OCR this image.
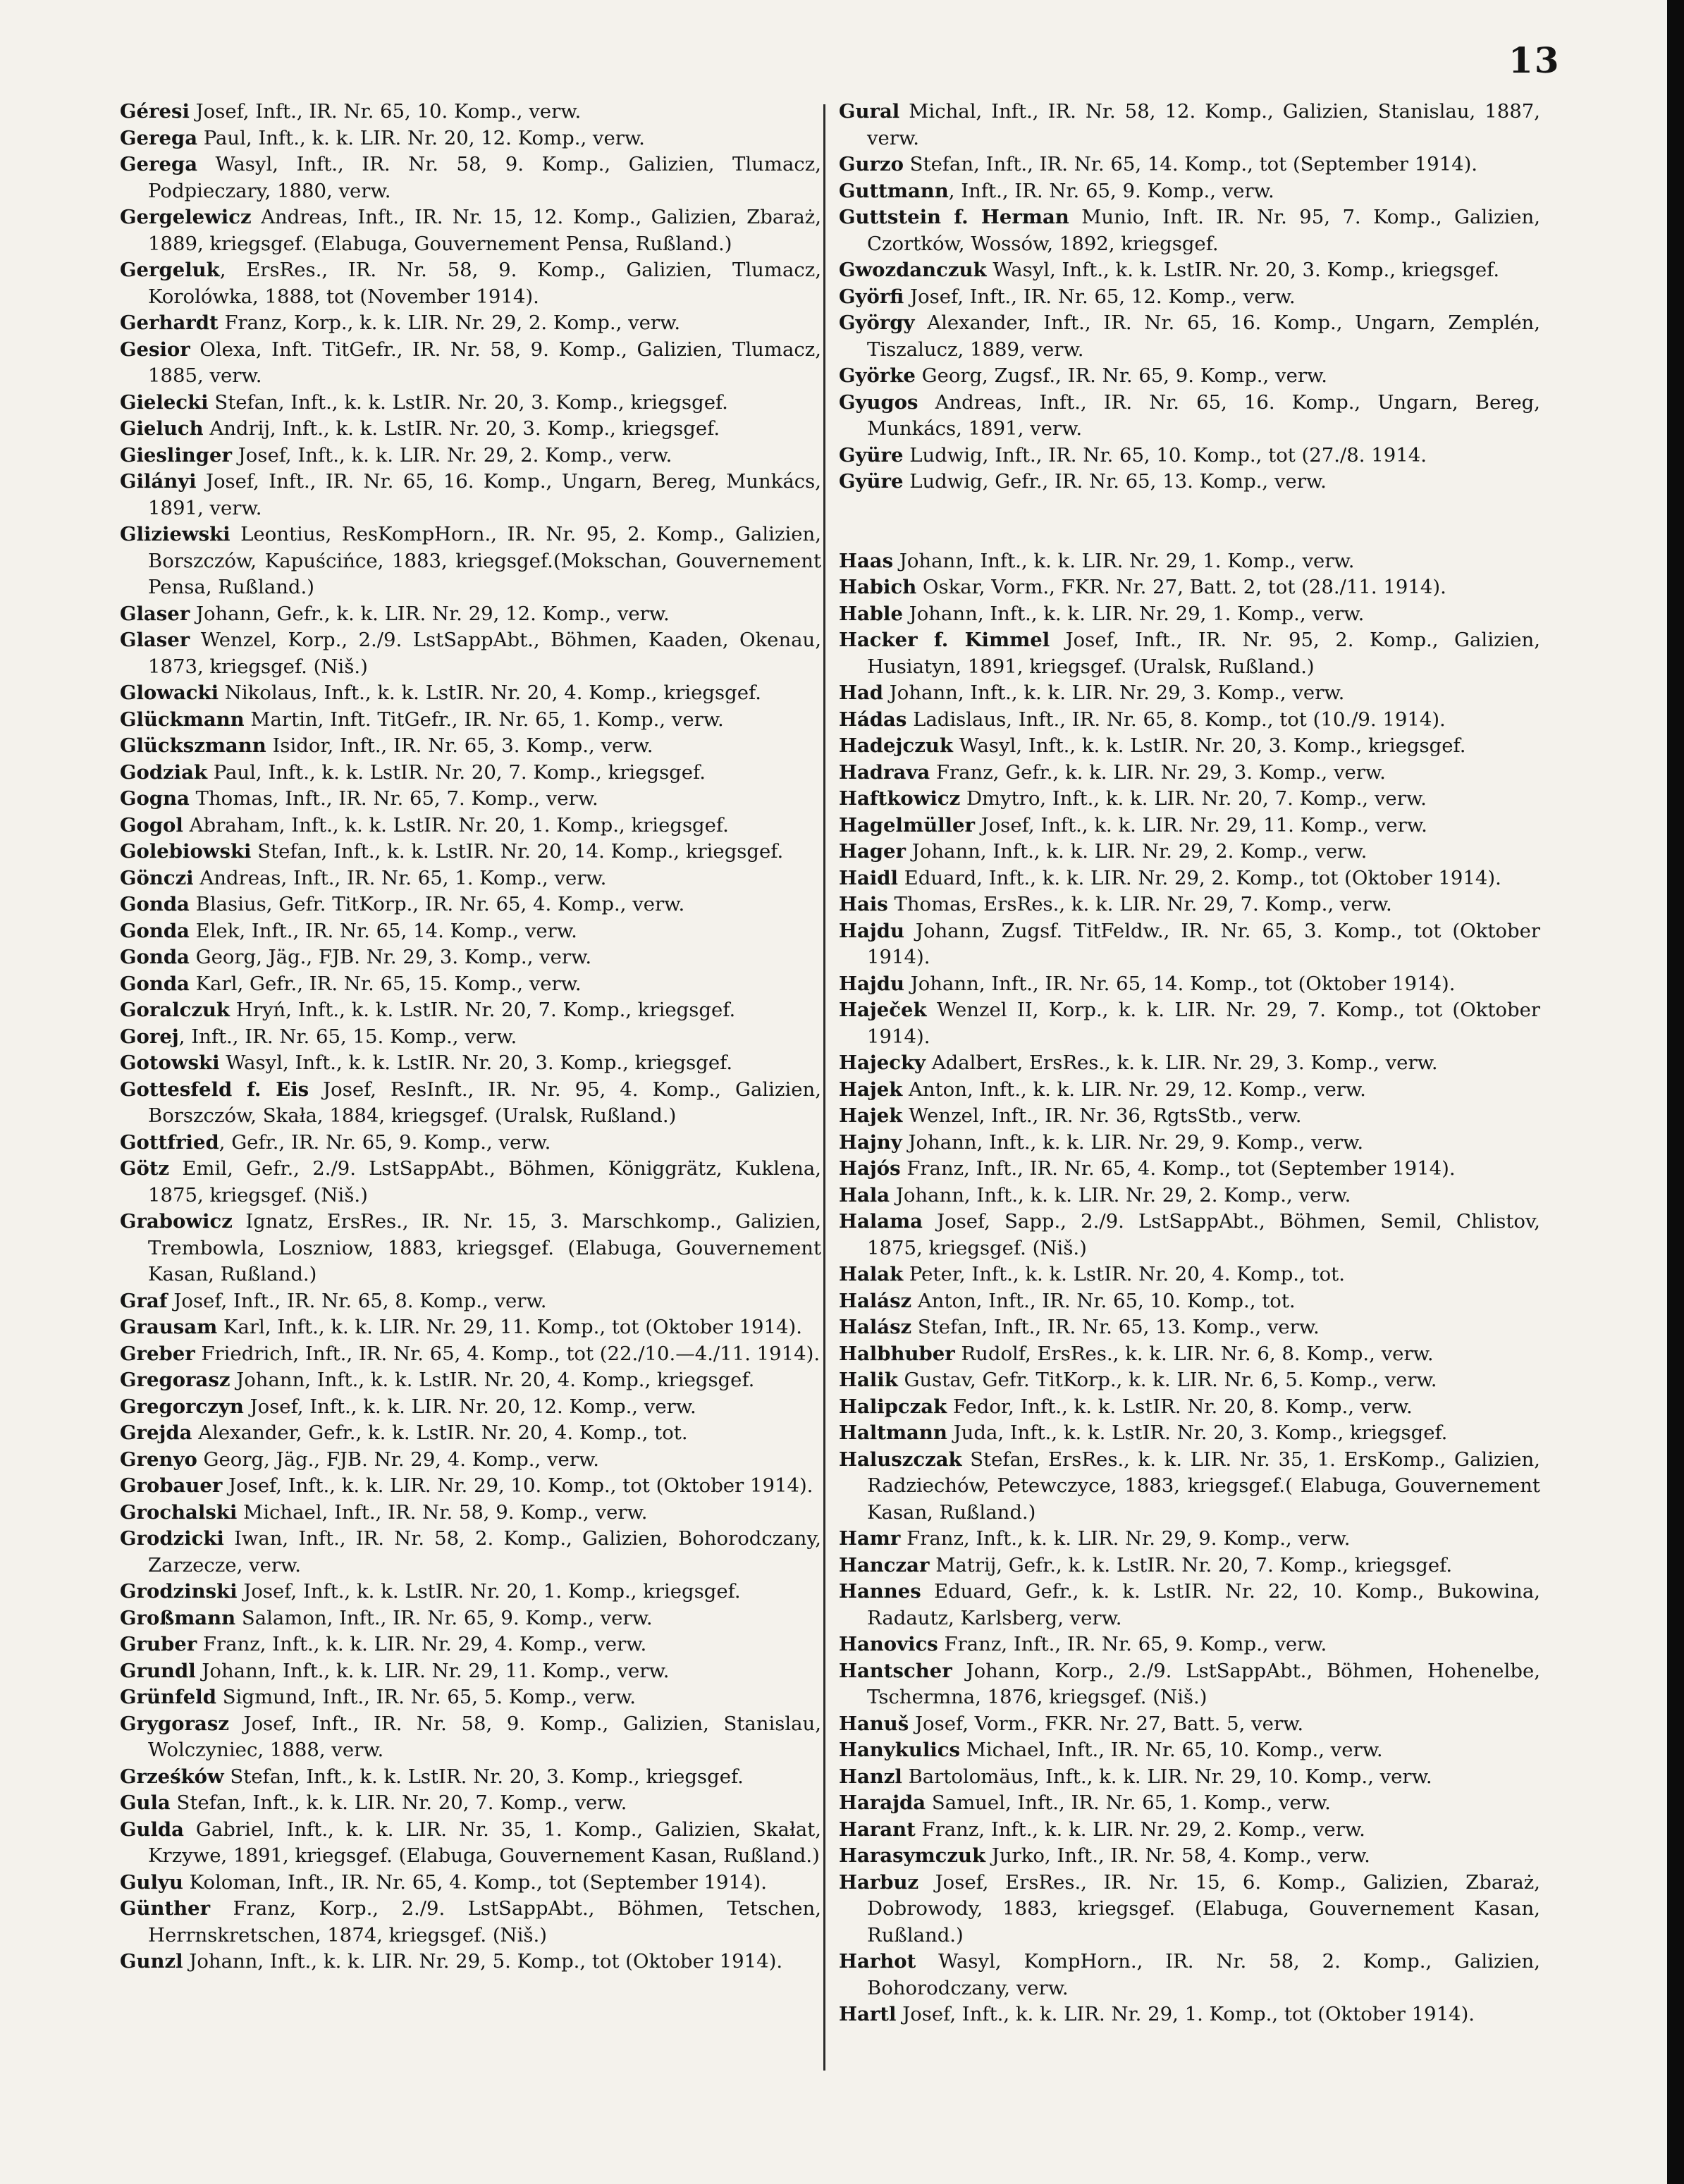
13
Géresi Josef, Inft., IR. Nr. 65, 10. Komp., verw.
Gerega Paul, Inft., k. k. LIR. Nr. 20, 12. Komp., verw.
Gerega Wasyl, Inft., IR. Nr. 58, 9. Komp., Galizien, Tlumacz, Podpieczary, 1880, verw.
Gergelewicz Andreas, Inft., IR. Nr. 15, 12. Komp., Galizien, Zbaraż, 1889, kriegsgef. (Elabuga, Gouvernement Pensa, Rußland.)
Gergeluk, ErsRes., IR. Nr. 58, 9. Komp., Galizien, Tlumacz, Korolówka, 1888, tot (November 1914).
Gerhardt Franz, Korp., k. k. LIR. Nr. 29, 2. Komp., verw.
Gesior Olexa, Inft. TitGefr., IR. Nr. 58, 9. Komp., Galizien, Tlumacz, 1885, verw.
Gielecki Stefan, Inft., k. k. LstIR. Nr. 20, 3. Komp., kriegsgef.
Gieluch Andrij, Inft., k. k. LstIR. Nr. 20, 3. Komp., kriegsgef.
Gieslinger Josef, Inft., k. k. LIR. Nr. 29, 2. Komp., verw.
Gilányi Josef, Inft., IR. Nr. 65, 16. Komp., Ungarn, Bereg, Munkács, 1891, verw.
Gliziewski Leontius, ResKompHorn., IR. Nr. 95, 2. Komp., Galizien, Borszczów, Kapuścińce, 1883, kriegsgef.(Mokschan, Gouvernement Pensa, Rußland.)
Glaser Johann, Gefr., k. k. LIR. Nr. 29, 12. Komp., verw.
Glaser Wenzel, Korp., 2./9. LstSappAbt., Böhmen, Kaaden, Okenau, 1873, kriegsgef. (Niš.)
Glowacki Nikolaus, Inft., k. k. LstIR. Nr. 20, 4. Komp., kriegsgef.
Glückmann Martin, Inft. TitGefr., IR. Nr. 65, 1. Komp., verw.
Glückszmann Isidor, Inft., IR. Nr. 65, 3. Komp., verw.
Godziak Paul, Inft., k. k. LstIR. Nr. 20, 7. Komp., kriegsgef.
Gogna Thomas, Inft., IR. Nr. 65, 7. Komp., verw.
Gogol Abraham, Inft., k. k. LstIR. Nr. 20, 1. Komp., kriegsgef.
Golebiowski Stefan, Inft., k. k. LstIR. Nr. 20, 14. Komp., kriegsgef.
Gönczi Andreas, Inft., IR. Nr. 65, 1. Komp., verw.
Gonda Blasius, Gefr. TitKorp., IR. Nr. 65, 4. Komp., verw.
Gonda Elek, Inft., IR. Nr. 65, 14. Komp., verw.
Gonda Georg, Jäg., FJB. Nr. 29, 3. Komp., verw.
Gonda Karl, Gefr., IR. Nr. 65, 15. Komp., verw.
Goralczuk Hryń, Inft., k. k. LstIR. Nr. 20, 7. Komp., kriegsgef.
Gorej, Inft., IR. Nr. 65, 15. Komp., verw.
Gotowski Wasyl, Inft., k. k. LstIR. Nr. 20, 3. Komp., kriegsgef.
Gottesfeld f. Eis Josef, ResInft., IR. Nr. 95, 4. Komp., Galizien, Borszczów, Skała, 1884, kriegsgef. (Uralsk, Rußland.)
Gottfried, Gefr., IR. Nr. 65, 9. Komp., verw.
Götz Emil, Gefr., 2./9. LstSappAbt., Böhmen, Königgrätz, Kuklena, 1875, kriegsgef. (Niš.)
Grabowicz Ignatz, ErsRes., IR. Nr. 15, 3. Marschkomp., Galizien, Trembowla, Loszniow, 1883, kriegsgef. (Elabuga, Gouvernement Kasan, Rußland.)
Graf Josef, Inft., IR. Nr. 65, 8. Komp., verw.
Grausam Karl, Inft., k. k. LIR. Nr. 29, 11. Komp., tot (Oktober 1914).
Greber Friedrich, Inft., IR. Nr. 65, 4. Komp., tot (22./10.—4./11. 1914).
Gregorasz Johann, Inft., k. k. LstIR. Nr. 20, 4. Komp., kriegsgef.
Gregorczyn Josef, Inft., k. k. LIR. Nr. 20, 12. Komp., verw.
Grejda Alexander, Gefr., k. k. LstIR. Nr. 20, 4. Komp., tot.
Grenyo Georg, Jäg., FJB. Nr. 29, 4. Komp., verw.
Grobauer Josef, Inft., k. k. LIR. Nr. 29, 10. Komp., tot (Oktober 1914).
Grochalski Michael, Inft., IR. Nr. 58, 9. Komp., verw.
Grodzicki Iwan, Inft., IR. Nr. 58, 2. Komp., Galizien, Bohorodczany, Zarzecze, verw.
Grodzinski Josef, Inft., k. k. LstIR. Nr. 20, 1. Komp., kriegsgef.
Großmann Salamon, Inft., IR. Nr. 65, 9. Komp., verw.
Gruber Franz, Inft., k. k. LIR. Nr. 29, 4. Komp., verw.
Grundl Johann, Inft., k. k. LIR. Nr. 29, 11. Komp., verw.
Grünfeld Sigmund, Inft., IR. Nr. 65, 5. Komp., verw.
Grygorasz Josef, Inft., IR. Nr. 58, 9. Komp., Galizien, Stanislau, Wolczyniec, 1888, verw.
Grześków Stefan, Inft., k. k. LstIR. Nr. 20, 3. Komp., kriegsgef.
Gula Stefan, Inft., k. k. LIR. Nr. 20, 7. Komp., verw.
Gulda Gabriel, Inft., k. k. LIR. Nr. 35, 1. Komp., Galizien, Skałat, Krzywe, 1891, kriegsgef. (Elabuga, Gouvernement Kasan, Rußland.)
Gulyu Koloman, Inft., IR. Nr. 65, 4. Komp., tot (September 1914).
Günther Franz, Korp., 2./9. LstSappAbt., Böhmen, Tetschen, Herrnskretschen, 1874, kriegsgef. (Niš.)
Gunzl Johann, Inft., k. k. LIR. Nr. 29, 5. Komp., tot (Oktober 1914).
Gural Michal, Inft., IR. Nr. 58, 12. Komp., Galizien, Stanislau, 1887, verw.
Gurzo Stefan, Inft., IR. Nr. 65, 14. Komp., tot (September 1914).
Guttmann, Inft., IR. Nr. 65, 9. Komp., verw.
Guttstein f. Herman Munio, Inft. IR. Nr. 95, 7. Komp., Galizien, Czortków, Wossów, 1892, kriegsgef.
Gwozdanczuk Wasyl, Inft., k. k. LstIR. Nr. 20, 3. Komp., kriegsgef.
Györfi Josef, Inft., IR. Nr. 65, 12. Komp., verw.
György Alexander, Inft., IR. Nr. 65, 16. Komp., Ungarn, Zemplén, Tiszalucz, 1889, verw.
Györke Georg, Zugsf., IR. Nr. 65, 9. Komp., verw.
Gyugos Andreas, Inft., IR. Nr. 65, 16. Komp., Ungarn, Bereg, Munkács, 1891, verw.
Gyüre Ludwig, Inft., IR. Nr. 65, 10. Komp., tot (27./8. 1914.
Gyüre Ludwig, Gefr., IR. Nr. 65, 13. Komp., verw.
Haas Johann, Inft., k. k. LIR. Nr. 29, 1. Komp., verw.
Habich Oskar, Vorm., FKR. Nr. 27, Batt. 2, tot (28./11. 1914).
Hable Johann, Inft., k. k. LIR. Nr. 29, 1. Komp., verw.
Hacker f. Kimmel Josef, Inft., IR. Nr. 95, 2. Komp., Galizien, Husiatyn, 1891, kriegsgef. (Uralsk, Rußland.)
Had Johann, Inft., k. k. LIR. Nr. 29, 3. Komp., verw.
Hádas Ladislaus, Inft., IR. Nr. 65, 8. Komp., tot (10./9. 1914).
Hadejczuk Wasyl, Inft., k. k. LstIR. Nr. 20, 3. Komp., kriegsgef.
Hadrava Franz, Gefr., k. k. LIR. Nr. 29, 3. Komp., verw.
Haftkowicz Dmytro, Inft., k. k. LIR. Nr. 20, 7. Komp., verw.
Hagelmüller Josef, Inft., k. k. LIR. Nr. 29, 11. Komp., verw.
Hager Johann, Inft., k. k. LIR. Nr. 29, 2. Komp., verw.
Haidl Eduard, Inft., k. k. LIR. Nr. 29, 2. Komp., tot (Oktober 1914).
Hais Thomas, ErsRes., k. k. LIR. Nr. 29, 7. Komp., verw.
Hajdu Johann, Zugsf. TitFeldw., IR. Nr. 65, 3. Komp., tot (Oktober 1914).
Hajdu Johann, Inft., IR. Nr. 65, 14. Komp., tot (Oktober 1914).
Haječek Wenzel II, Korp., k. k. LIR. Nr. 29, 7. Komp., tot (Oktober 1914).
Hajecky Adalbert, ErsRes., k. k. LIR. Nr. 29, 3. Komp., verw.
Hajek Anton, Inft., k. k. LIR. Nr. 29, 12. Komp., verw.
Hajek Wenzel, Inft., IR. Nr. 36, RgtsStb., verw.
Hajny Johann, Inft., k. k. LIR. Nr. 29, 9. Komp., verw.
Hajós Franz, Inft., IR. Nr. 65, 4. Komp., tot (September 1914).
Hala Johann, Inft., k. k. LIR. Nr. 29, 2. Komp., verw.
Halama Josef, Sapp., 2./9. LstSappAbt., Böhmen, Semil, Chlistov, 1875, kriegsgef. (Niš.)
Halak Peter, Inft., k. k. LstIR. Nr. 20, 4. Komp., tot.
Halász Anton, Inft., IR. Nr. 65, 10. Komp., tot.
Halász Stefan, Inft., IR. Nr. 65, 13. Komp., verw.
Halbhuber Rudolf, ErsRes., k. k. LIR. Nr. 6, 8. Komp., verw.
Halik Gustav, Gefr. TitKorp., k. k. LIR. Nr. 6, 5. Komp., verw.
Halipczak Fedor, Inft., k. k. LstIR. Nr. 20, 8. Komp., verw.
Haltmann Juda, Inft., k. k. LstIR. Nr. 20, 3. Komp., kriegsgef.
Haluszczak Stefan, ErsRes., k. k. LIR. Nr. 35, 1. ErsKomp., Galizien, Radziechów, Petewczyce, 1883, kriegsgef.( Elabuga, Gouvernement Kasan, Rußland.)
Hamr Franz, Inft., k. k. LIR. Nr. 29, 9. Komp., verw.
Hanczar Matrij, Gefr., k. k. LstIR. Nr. 20, 7. Komp., kriegsgef.
Hannes Eduard, Gefr., k. k. LstIR. Nr. 22, 10. Komp., Bukowina, Radautz, Karlsberg, verw.
Hanovics Franz, Inft., IR. Nr. 65, 9. Komp., verw.
Hantscher Johann, Korp., 2./9. LstSappAbt., Böhmen, Hohenelbe, Tschermna, 1876, kriegsgef. (Niš.)
Hanuš Josef, Vorm., FKR. Nr. 27, Batt. 5, verw.
Hanykulics Michael, Inft., IR. Nr. 65, 10. Komp., verw.
Hanzl Bartolomäus, Inft., k. k. LIR. Nr. 29, 10. Komp., verw.
Harajda Samuel, Inft., IR. Nr. 65, 1. Komp., verw.
Harant Franz, Inft., k. k. LIR. Nr. 29, 2. Komp., verw.
Harasymczuk Jurko, Inft., IR. Nr. 58, 4. Komp., verw.
Harbuz Josef, ErsRes., IR. Nr. 15, 6. Komp., Galizien, Zbaraż, Dobrowody, 1883, kriegsgef. (Elabuga, Gouvernement Kasan, Rußland.)
Harhot Wasyl, KompHorn., IR. Nr. 58, 2. Komp., Galizien, Bohorodczany, verw.
Hartl Josef, Inft., k. k. LIR. Nr. 29, 1. Komp., tot (Oktober 1914).
